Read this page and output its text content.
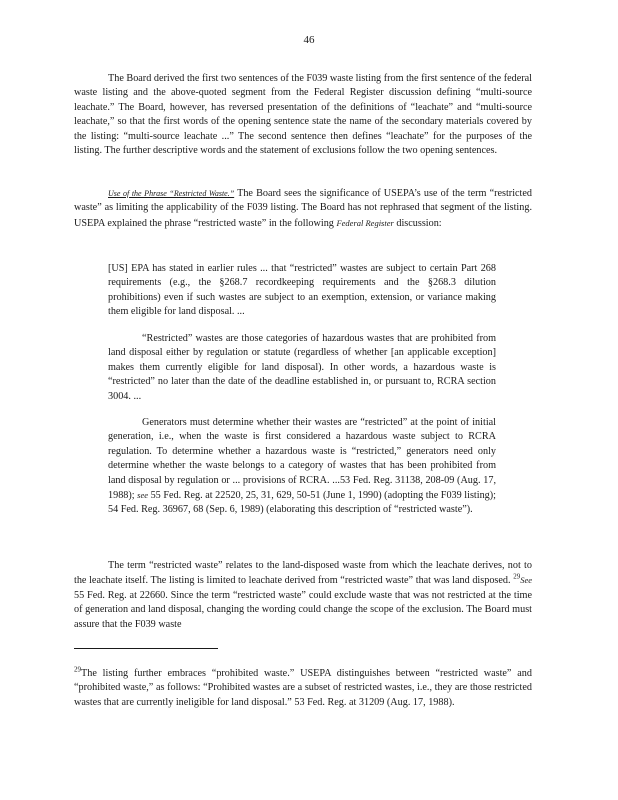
46

The Board derived the first two sentences of the F039 waste listing from the first sentence of the federal waste listing and the above-quoted segment from the Federal Register discussion defining “multi-source leachate.” The Board, however, has reversed presentation of the definitions of “leachate” and “multi-source leachate,” so that the first words of the opening sentence state the name of the secondary materials covered by the listing: “multi-source leachate ...” The second sentence then defines “leachate” for the purposes of the listing. The further descriptive words and the statement of exclusions follow the two opening sentences.

Use of the Phrase “Restricted Waste.” The Board sees the significance of USEPA’s use of the term “restricted waste” as limiting the applicability of the F039 listing. The Board has not rephrased that segment of the listing. USEPA explained the phrase “restricted waste” in the following Federal Register discussion:

[US] EPA has stated in earlier rules ... that “restricted” wastes are subject to certain Part 268 requirements (e.g., the §268.7 recordkeeping requirements and the §268.3 dilution prohibitions) even if such wastes are subject to an exemption, extension, or variance making them eligible for land disposal. ...

“Restricted” wastes are those categories of hazardous wastes that are prohibited from land disposal either by regulation or statute (regardless of whether [an applicable exception] makes them currently eligible for land disposal). In other words, a hazardous waste is “restricted” no later than the date of the deadline established in, or pursuant to, RCRA section 3004. ...

Generators must determine whether their wastes are “restricted” at the point of initial generation, i.e., when the waste is first considered a hazardous waste subject to RCRA regulation. To determine whether a hazardous waste is “restricted,” generators need only determine whether the waste belongs to a category of wastes that has been prohibited from land disposal by regulation or ... provisions of RCRA. ...53 Fed. Reg. 31138, 208-09 (Aug. 17, 1988); see 55 Fed. Reg. at 22520, 25, 31, 629, 50-51 (June 1, 1990) (adopting the F039 listing); 54 Fed. Reg. 36967, 68 (Sep. 6, 1989) (elaborating this description of “restricted waste”).

The term “restricted waste” relates to the land-disposed waste from which the leachate derives, not to the leachate itself. The listing is limited to leachate derived from “restricted waste” that was land disposed. $^{29}$See 55 Fed. Reg. at 22660. Since the term “restricted waste” could exclude waste that was not restricted at the time of generation and land disposal, changing the wording could change the scope of the exclusion. The Board must assure that the F039 waste

$^{29}$The listing further embraces “prohibited waste.” USEPA distinguishes between “restricted waste” and “prohibited waste,” as follows: “Prohibited wastes are a subset of restricted wastes, i.e., they are those restricted wastes that are currently ineligible for land disposal.” 53 Fed. Reg. at 31209 (Aug. 17, 1988).
